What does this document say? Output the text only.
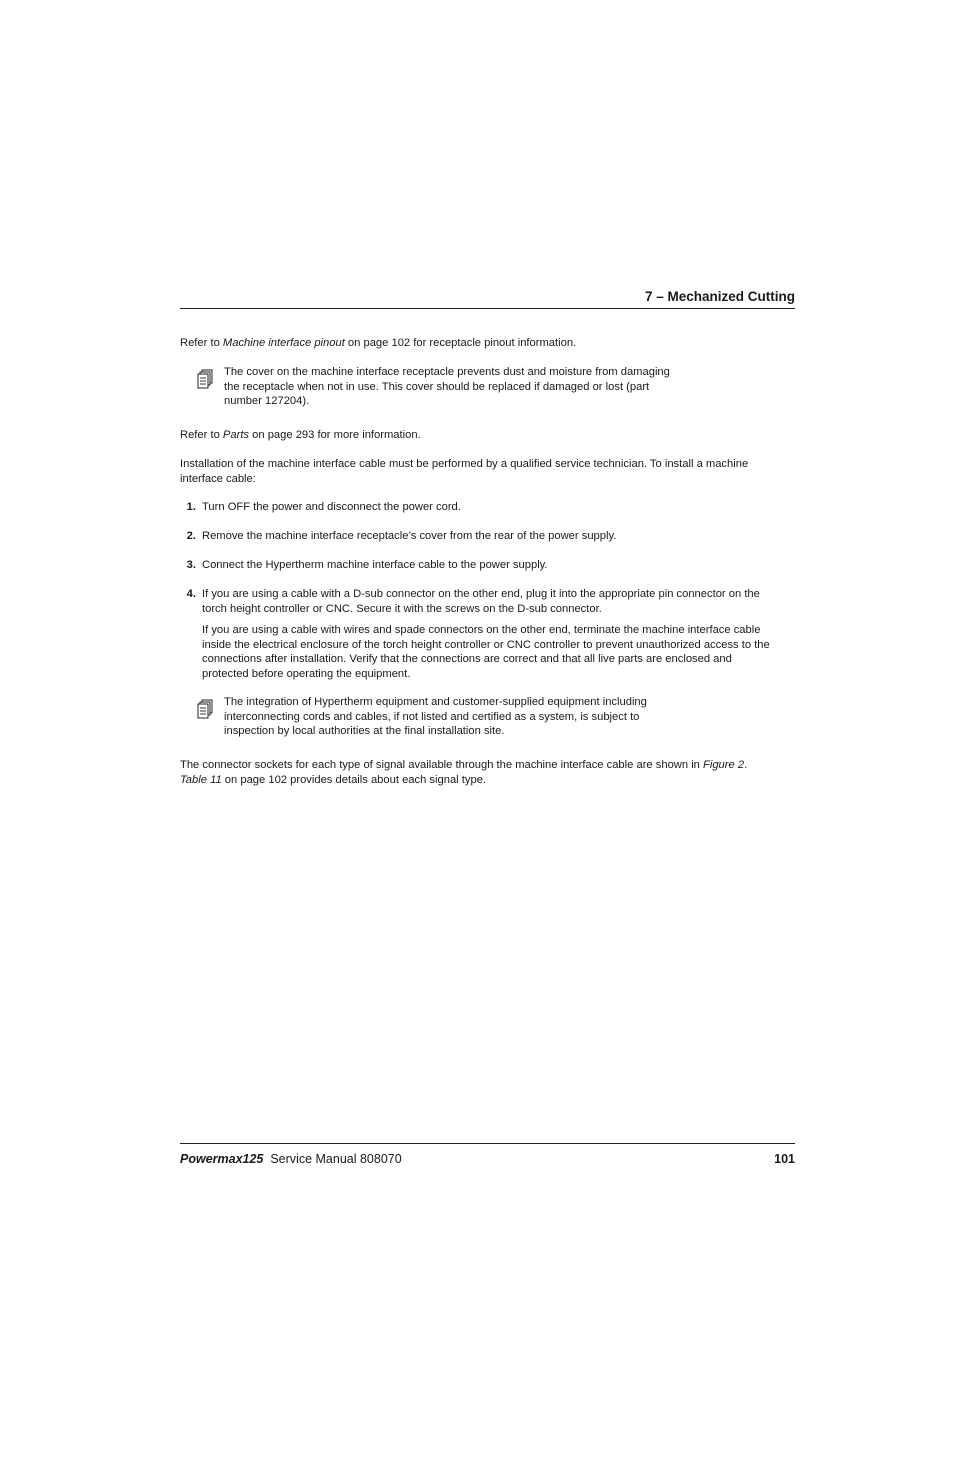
7 – Mechanized Cutting
Refer to Machine interface pinout on page 102 for receptacle pinout information.
The cover on the machine interface receptacle prevents dust and moisture from damaging
the receptacle when not in use. This cover should be replaced if damaged or lost (part
number 127204).
Refer to Parts on page 293 for more information.
Installation of the machine interface cable must be performed by a qualified service technician. To install a machine
interface cable:
1. Turn OFF the power and disconnect the power cord.
2. Remove the machine interface receptacle’s cover from the rear of the power supply.
3. Connect the Hypertherm machine interface cable to the power supply.
4. If you are using a cable with a D-sub connector on the other end, plug it into the appropriate pin connector on the
torch height controller or CNC. Secure it with the screws on the D-sub connector.
If you are using a cable with wires and spade connectors on the other end, terminate the machine interface cable
inside the electrical enclosure of the torch height controller or CNC controller to prevent unauthorized access to the
connections after installation. Verify that the connections are correct and that all live parts are enclosed and
protected before operating the equipment.
The integration of Hypertherm equipment and customer-supplied equipment including
interconnecting cords and cables, if not listed and certified as a system, is subject to
inspection by local authorities at the final installation site.
The connector sockets for each type of signal available through the machine interface cable are shown in Figure 2.
Table 11 on page 102 provides details about each signal type.
Powermax125 Service Manual 808070	101
